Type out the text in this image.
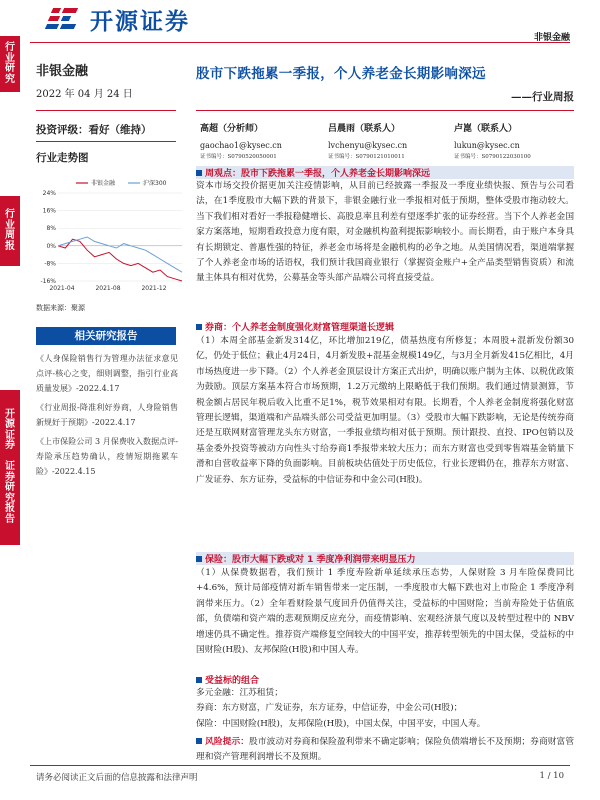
开源证券
非银金融
行
业
研
究
行
业
周
报
开
源
证
券

证
券
研
究
报
告
非银金融
2022 年 04 月 24 日
投资评级：看好（维持）
行业走势图
非银金融	沪深300
-16%
-8%
0%
8%
16%
24%
2021-04	2021-08	2021-12
数据来源：聚源
相关研究报告
《人身保险销售行为管理办法征求意见点评-核心之变，细则调整，指引行业高质量发展》-2022.4.17
《行业周报-降准利好券商，人身险销售新规好于预期》-2022.4.17
《上市保险公司 3 月保费收入数据点评-寿险承压趋势确认，疫情短期拖累车险》-2022.4.15
股市下跌拖累一季报，个人养老金长期影响深远
——行业周报
高超（分析师）
gaochao1@kysec.cn
证书编号：S0790520050001
吕晨雨（联系人）
lvchenyu@kysec.cn
证书编号：S0790121010011
卢崑（联系人）
lukun@kysec.cn
证书编号：S0790122030100
周观点：股市下跌拖累一季报，个人养老金长期影响深远
资本市场交投价据更加关注疫情影响，从目前已经披露一季报及一季度业绩快报、预告与公司看法，在1季度股市大幅下跌的背景下，非银金融行业一季报相对低于预期，整体受股市拖动较大。当下我们相对看好一季报稳健增长、高股息率且利差有望逐季扩张的证券经营。当下个人养老金国家方案落地，短期看政投意力度有限，对金融机构盈利提振影响较小。而长期看，由于账户本身具有长期锁定、普惠性强的特征，养老金市场将是金融机构的必争之地。从美国情况看，渠道端掌握了个人养老金市场的话语权，我们预计我国商业银行（掌握资金账户+全产品类型销售资质）和流量主体具有相对优势，公募基金等头部产品端公司将直接受益。
券商：个人养老金制度强化财富管理渠道长逻辑
（1）本周全部基金新发314亿，环比增加219亿，债基热度有所修复；本周股+混新发份额30亿，仍处于低位；截止4月24日，4月新发股+混基金规模149亿，与3月全月新发415亿相比，4月市场热度进一步下降。（2）个人养老金顶层设计方案正式出炉，明确以账户制为主体、以税优政策为鼓励。顶层方案基本符合市场预期，1.2万元缴纳上限略低于我们预期。我们通过情景测算，节税金额占居民年税后收入比重不足1%，税节效果相对有限。长期看，个人养老金制度将强化财富管理长逻辑，渠道端和产品端头部公司受益更加明显。（3）受股市大幅下跌影响，无论是传统券商还是互联网财富管理龙头东方财富，一季报业绩均相对低于预期。预计跟投、直投、IPO包销以及基金委外投资等被动方向性头寸给券商1季报带来较大压力；而东方财富也受到零售端基金销量下滑和自营收益率下降的负面影响。目前板块估值处于历史低位，行业长逻辑仍在，推荐东方财富、广发证券、东方证券，受益标的中信证券和中金公司(H股)。
保险：股市大幅下跌或对 1 季度净利润带来明显压力
（1）从保费数据看，我们预计 1 季度寿险新单延续承压态势，人保财险 3 月车险保费同比+4.6%，预计局部疫情对新车销售带来一定压制，一季度股市大幅下跌也对上市险企 1 季度净利润带来压力。（2）全年看财险景气度回升仍值得关注，受益标的中国财险；当前寿险处于估值底部，负债端和资产端的悲观预期反应充分，而疫情影响、宏观经济景气度以及转型过程中的 NBV 增速仍具不确定性。推荐资产端修复空间较大的中国平安，推荐转型领先的中国太保，受益标的中国财险(H股)、友邦保险(H股)和中国人寿。
受益标的组合
多元金融：江苏租赁；
券商：东方财富，广发证券，东方证券，中信证券，中金公司(H股)；
保险：中国财险(H股)，友邦保险(H股)，中国太保，中国平安，中国人寿。
风险提示：股市波动对券商和保险盈利带来不确定影响；保险负债端增长不及预期；券商财富管理和资产管理利润增长不及预期。
请务必阅读正文后面的信息披露和法律声明	1 / 10
